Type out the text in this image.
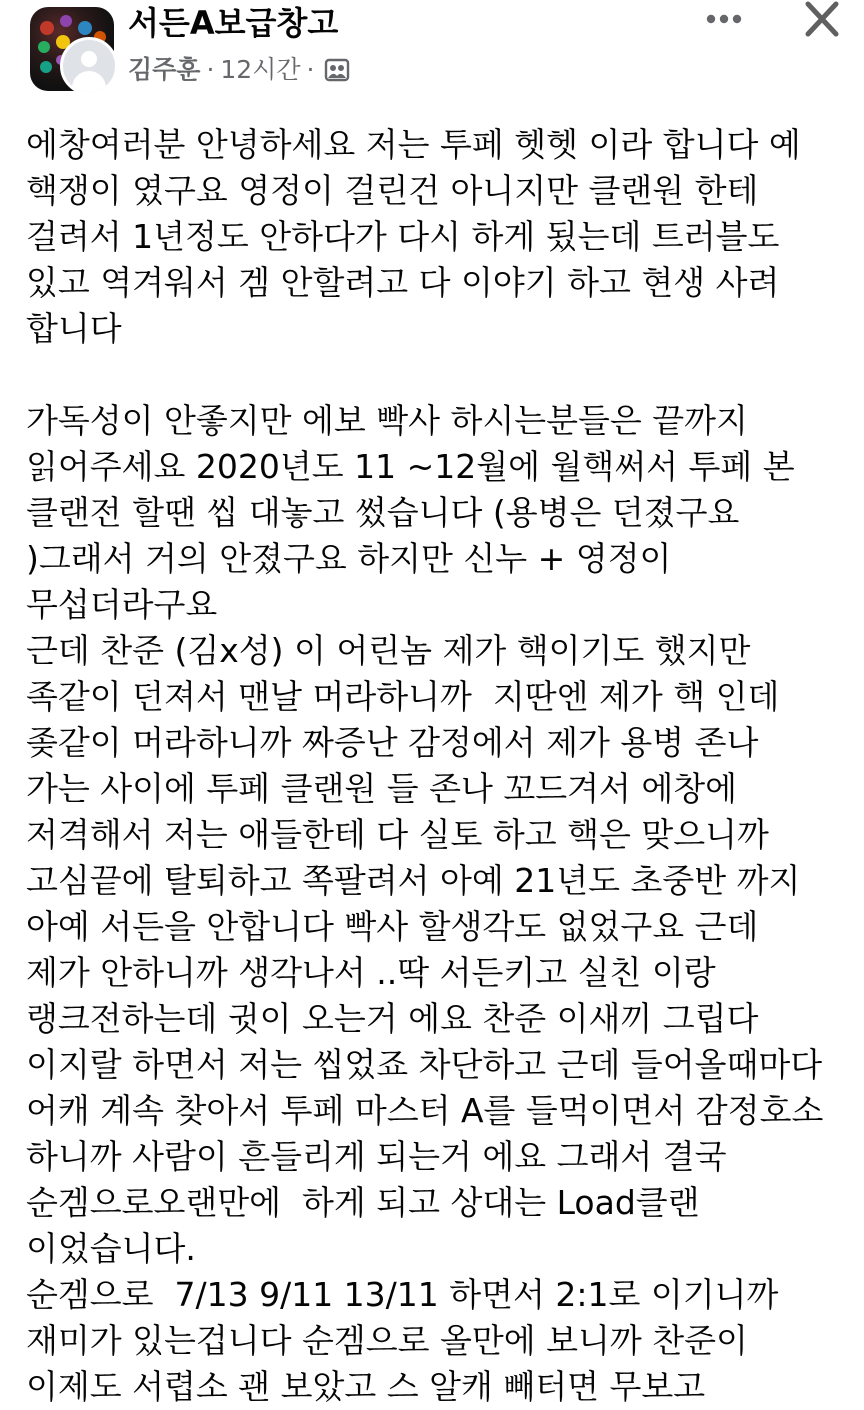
서든A보급창고
김주훈 · 12시간 ·
에창여러분 안녕하세요 저는 투페 헷헷 이라 합니다 예
핵쟁이 였구요 영정이 걸린건 아니지만 클랜원 한테
걸려서 1년정도 안하다가 다시 하게 됬는데 트러블도
있고 역겨워서 겜 안할려고 다 이야기 하고 현생 사려
합니다
가독성이 안좋지만 에보 빡사 하시는분들은 끝까지
읽어주세요 2020년도 11 ~12월에 월핵써서 투페 본
클랜전 할땐 씹 대놓고 썼습니다 (용병은 던졌구요
)그래서 거의 안졌구요 하지만 신누 + 영정이
무섭더라구요
근데 찬준 (김x성) 이 어린놈 제가 핵이기도 했지만
족같이 던져서 맨날 머라하니까  지딴엔 제가 핵 인데
좆같이 머라하니까 짜증난 감정에서 제가 용병 존나
가는 사이에 투페 클랜원 들 존나 꼬드겨서 에창에
저격해서 저는 애들한테 다 실토 하고 핵은 맞으니까
고심끝에 탈퇴하고 쪽팔려서 아예 21년도 초중반 까지
아예 서든을 안합니다 빡사 할생각도 없었구요 근데
제가 안하니까 생각나서 ..딱 서든키고 실친 이랑
랭크전하는데 귓이 오는거 에요 찬준 이새끼 그립다
이지랄 하면서 저는 씹었죠 차단하고 근데 들어올때마다
어캐 계속 찾아서 투페 마스터 A를 들먹이면서 감정호소
하니까 사람이 흔들리게 되는거 에요 그래서 결국
순겜으로오랜만에  하게 되고 상대는 Load클랜
이었습니다.
순겜으로  7/13 9/11 13/11 하면서 2:1로 이기니까
재미가 있는겁니다 순겜으로 올만에 보니까 찬준이
이제도 서렵소 괜 보았고 스 알캐 빼터면 무보고
